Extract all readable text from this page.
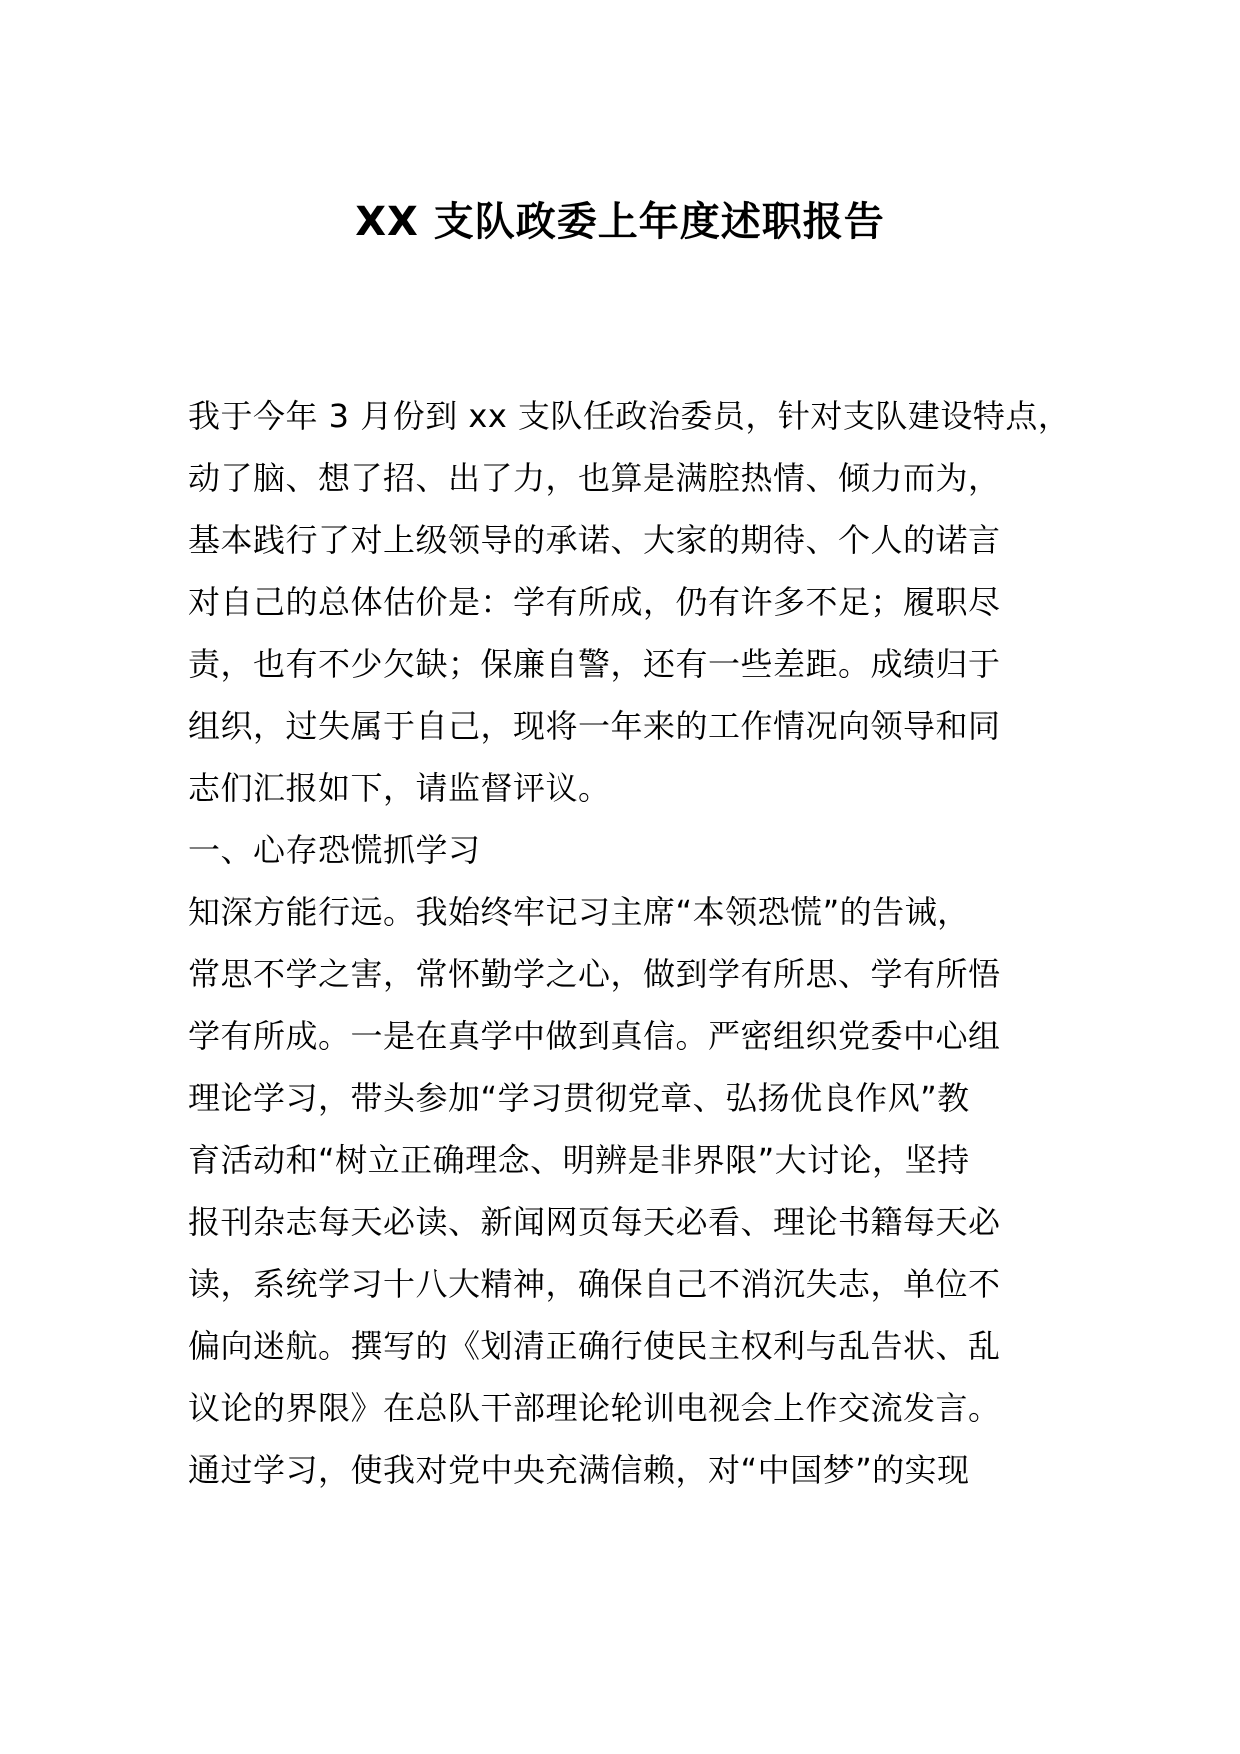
XX 支队政委上年度述职报告
我于今年 3 月份到 xx 支队任政治委员，针对支队建设特点，
动了脑、想了招、出了力，也算是满腔热情、倾力而为，
基本践行了对上级领导的承诺、大家的期待、个人的诺言
对自己的总体估价是：学有所成，仍有许多不足；履职尽
责，也有不少欠缺；保廉自警，还有一些差距。成绩归于
组织，过失属于自己，现将一年来的工作情况向领导和同
志们汇报如下，请监督评议。
一、心存恐慌抓学习
知深方能行远。我始终牢记习主席“本领恐慌”的告诫，
常思不学之害，常怀勤学之心，做到学有所思、学有所悟
学有所成。一是在真学中做到真信。严密组织党委中心组
理论学习，带头参加“学习贯彻党章、弘扬优良作风”教
育活动和“树立正确理念、明辨是非界限”大讨论，坚持
报刊杂志每天必读、新闻网页每天必看、理论书籍每天必
读，系统学习十八大精神，确保自己不消沉失志，单位不
偏向迷航。撰写的《划清正确行使民主权利与乱告状、乱
议论的界限》在总队干部理论轮训电视会上作交流发言。
通过学习，使我对党中央充满信赖，对“中国梦”的实现
